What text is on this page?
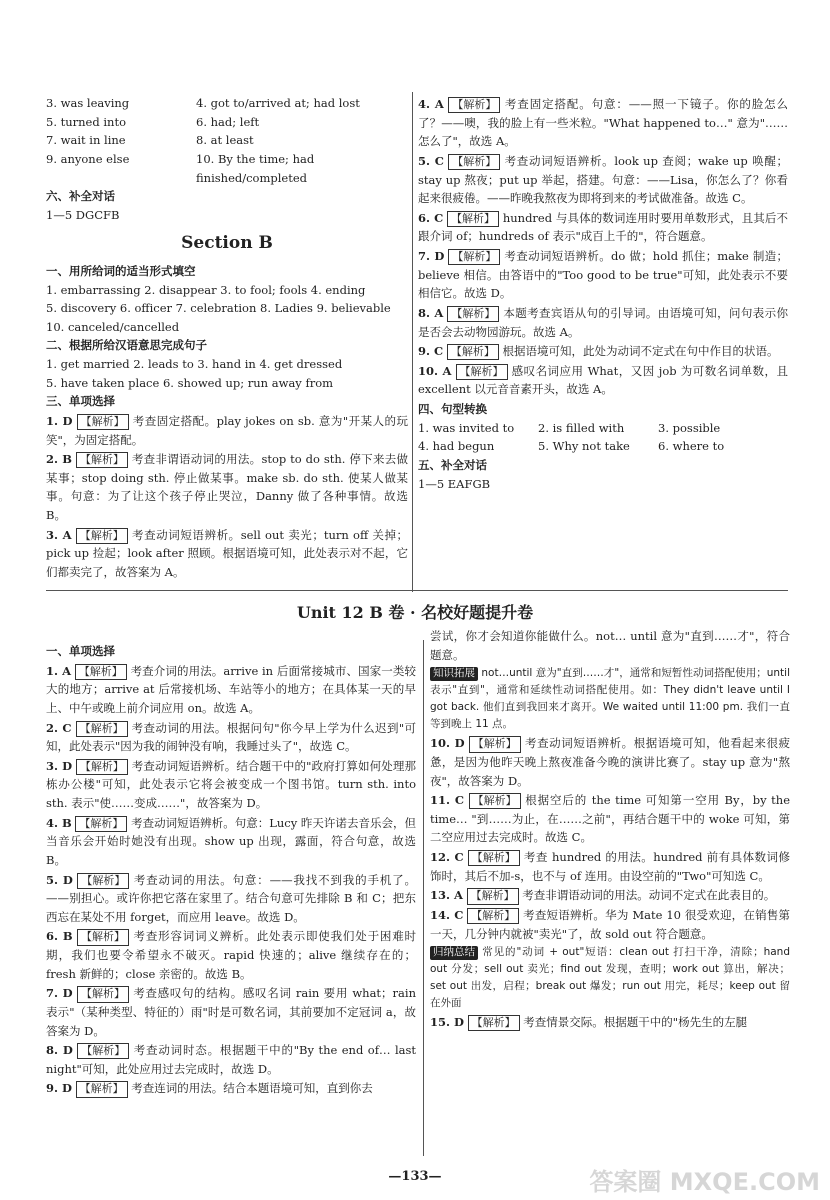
3. was leaving	4. got to/arrived at; had lost
5. turned into	6. had; left
7. wait in line	8. at least
9. anyone else	10. By the time; had finished/completed
六、补全对话
1—5 DGCFB
Section B
一、用所给词的适当形式填空
1. embarrassing 2. disappear 3. to fool; fools 4. ending
5. discovery 6. officer 7. celebration 8. Ladies 9. believable
10. canceled/cancelled
二、根据所给汉语意思完成句子
1. get married 2. leads to 3. hand in 4. get dressed
5. have taken place 6. showed up; run away from
三、单项选择
1. D 【解析】 考查固定搭配。play jokes on sb. 意为"开某人的玩笑"，为固定搭配。
2. B 【解析】 考查非谓语动词的用法。stop to do sth. 停下来去做某事；stop doing sth. 停止做某事。make sb. do sth. 使某人做某事。句意：为了让这个孩子停止哭泣，Danny 做了各种事情。故选 B。
3. A 【解析】 考查动词短语辨析。sell out 卖光；turn off 关掉；pick up 捡起；look after 照顾。根据语境可知，此处表示对不起，它们都卖完了，故答案为 A。
4. A 【解析】 考查固定搭配。句意：——照一下镜子。你的脸怎么了？——噢，我的脸上有一些米粒。"What happened to…" 意为"……怎么了"，故选 A。
5. C 【解析】 考查动词短语辨析。look up 查阅；wake up 唤醒；stay up 熬夜；put up 举起，搭建。句意：——Lisa，你怎么了？你看起来很疲倦。——昨晚我熬夜为即将到来的考试做准备。故选 C。
6. C 【解析】 hundred 与具体的数词连用时要用单数形式，且其后不跟介词 of；hundreds of 表示"成百上千的"，符合题意。
7. D 【解析】 考查动词短语辨析。do 做；hold 抓住；make 制造；believe 相信。由答语中的"Too good to be true"可知，此处表示不要相信它。故选 D。
8. A 【解析】 本题考查宾语从句的引导词。由语境可知，问句表示你是否会去动物园游玩。故选 A。
9. C 【解析】 根据语境可知，此处为动词不定式在句中作目的状语。
10. A 【解析】 感叹名词应用 What，又因 job 为可数名词单数，且 excellent 以元音音素开头，故选 A。
四、句型转换
1. was invited to	2. is filled with	3. possible
4. had begun	5. Why not take	6. where to
五、补全对话
1—5 EAFGB
Unit 12 B 卷 · 名校好题提升卷
一、单项选择
1. A 【解析】 考查介词的用法。arrive in 后面常接城市、国家一类较大的地方；arrive at 后常接机场、车站等小的地方；在具体某一天的早上、中午或晚上前介词应用 on。故选 A。
2. C 【解析】 考查动词的用法。根据问句"你今早上学为什么迟到"可知，此处表示"因为我的闹钟没有响，我睡过头了"，故选 C。
3. D 【解析】 考查动词短语辨析。结合题干中的"政府打算如何处理那栋办公楼"可知，此处表示它将会被变成一个图书馆。turn sth. into sth. 表示"使……变成……"，故答案为 D。
4. B 【解析】 考查动词短语辨析。句意：Lucy 昨天许诺去音乐会，但当音乐会开始时她没有出现。show up 出现，露面，符合句意，故选 B。
5. D 【解析】 考查动词的用法。句意：——我找不到我的手机了。——别担心。或许你把它落在家里了。结合句意可先排除 B 和 C；把东西忘在某处不用 forget，而应用 leave。故选 D。
6. B 【解析】 考查形容词词义辨析。此处表示即使我们处于困难时期，我们也要令希望永不破灭。rapid 快速的；alive 继续存在的；fresh 新鲜的；close 亲密的。故选 B。
7. D 【解析】 考查感叹句的结构。感叹名词 rain 要用 what；rain 表示"（某种类型、特征的）雨"时是可数名词，其前要加不定冠词 a，故答案为 D。
8. D 【解析】 考查动词时态。根据题干中的"By the end of… last night"可知，此处应用过去完成时，故选 D。
9. D 【解析】 考查连词的用法。结合本题语境可知，直到你去
尝试，你才会知道你能做什么。not… until 意为"直到……才"，符合题意。
知识拓展 not…until 意为"直到……才"，通常和短暂性动词搭配使用；until 表示"直到"，通常和延续性动词搭配使用。如：They didn't leave until I got back. 他们直到我回来才离开。We waited until 11:00 pm. 我们一直等到晚上 11 点。
10. D 【解析】 考查动词短语辨析。根据语境可知，他看起来很疲惫，是因为他昨天晚上熬夜准备今晚的演讲比赛了。stay up 意为"熬夜"，故答案为 D。
11. C 【解析】 根据空后的 the time 可知第一空用 By，by the time… "到……为止，在……之前"，再结合题干中的 woke 可知，第二空应用过去完成时。故选 C。
12. C 【解析】 考查 hundred 的用法。hundred 前有具体数词修饰时，其后不加-s，也不与 of 连用。由设空前的"Two"可知选 C。
13. A 【解析】 考查非谓语动词的用法。动词不定式在此表目的。
14. C 【解析】 考查短语辨析。华为 Mate 10 很受欢迎，在销售第一天，几分钟内就被"卖光"了，故 sold out 符合题意。
归纳总结 常见的"动词 + out"短语：clean out 打扫干净，清除；hand out 分发；sell out 卖光；find out 发现，查明；work out 算出，解决；set out 出发，启程；break out 爆发；run out 用完，耗尽；keep out 留在外面
15. D 【解析】 考查情景交际。根据题干中的"杨先生的左腿
—133—	答案圈 MXQE.COM
